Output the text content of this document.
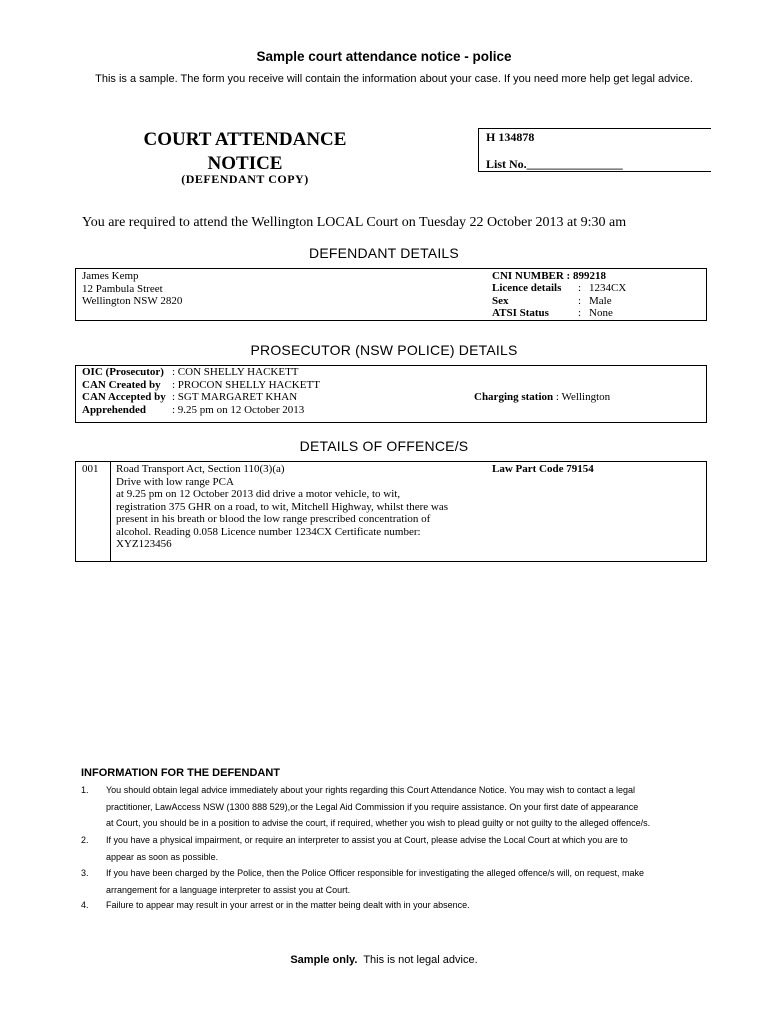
Sample court attendance notice - police
This is a sample. The form you receive will contain the information about your case. If you need more help get legal advice.
COURT ATTENDANCE
NOTICE
(DEFENDANT COPY)
H 134878
List No.________________
You are required to attend the Wellington LOCAL Court on Tuesday 22 October 2013 at 9:30 am
DEFENDANT DETAILS
James Kemp
12 Pambula Street
Wellington NSW 2820
CNI NUMBER : 899218
Licence details : 1234CX
Sex	: Male
ATSI Status	: None
PROSECUTOR (NSW POLICE) DETAILS
OIC (Prosecutor) : CON SHELLY HACKETT
CAN Created by : PROCON SHELLY HACKETT
CAN Accepted by : SGT MARGARET KHAN
Apprehended : 9.25 pm on 12 October 2013
Charging station : Wellington
DETAILS OF OFFENCE/S
001 Road Transport Act, Section 110(3)(a)
Drive with low range PCA
at 9.25 pm on 12 October 2013 did drive a motor vehicle, to wit,
registration 375 GHR on a road, to wit, Mitchell Highway, whilst there was
present in his breath or blood the low range prescribed concentration of
alcohol. Reading 0.058 Licence number 1234CX Certificate number:
XYZ123456
Law Part Code 79154
INFORMATION FOR THE DEFENDANT
1. You should obtain legal advice immediately about your rights regarding this Court Attendance Notice. You may wish to contact a legal
practitioner, LawAccess NSW (1300 888 529),or the Legal Aid Commission if you require assistance. On your first date of appearance
at Court, you should be in a position to advise the court, if required, whether you wish to plead guilty or not guilty to the alleged offence/s.
2. If you have a physical impairment, or require an interpreter to assist you at Court, please advise the Local Court at which you are to
appear as soon as possible.
3. If you have been charged by the Police, then the Police Officer responsible for investigating the alleged offence/s will, on request, make
arrangement for a language interpreter to assist you at Court.
4. Failure to appear may result in your arrest or in the matter being dealt with in your absence.
Sample only. This is not legal advice.
